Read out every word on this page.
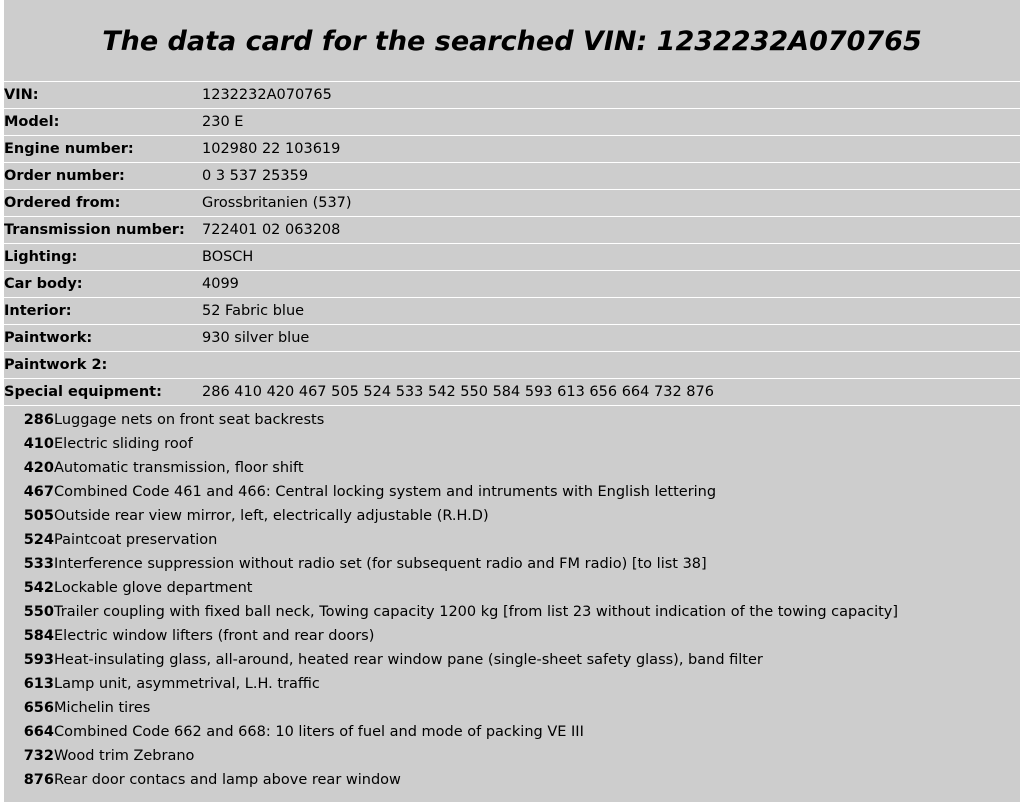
The data card for the searched VIN: 1232232A070765
VIN:	1232232A070765
Model:	230 E
Engine number:	102980 22 103619
Order number:	0 3 537 25359
Ordered from:	Grossbritanien (537)
Transmission number:	722401 02 063208
Lighting:	BOSCH
Car body:	4099
Interior:	52 Fabric blue
Paintwork:	930 silver blue
Paintwork 2:	
Special equipment:	286 410 420 467 505 524 533 542 550 584 593 613 656 664 732 876
286	Luggage nets on front seat backrests
410	Electric sliding roof
420	Automatic transmission, floor shift
467	Combined Code 461 and 466: Central locking system and intruments with English lettering
505	Outside rear view mirror, left, electrically adjustable (R.H.D)
524	Paintcoat preservation
533	Interference suppression without radio set (for subsequent radio and FM radio) [to list 38]
542	Lockable glove department
550	Trailer coupling with fixed ball neck, Towing capacity 1200 kg [from list 23 without indication of the towing capacity]
584	Electric window lifters (front and rear doors)
593	Heat-insulating glass, all-around, heated rear window pane (single-sheet safety glass), band filter
613	Lamp unit, asymmetrival, L.H. traffic
656	Michelin tires
664	Combined Code 662 and 668: 10 liters of fuel and mode of packing VE III
732	Wood trim Zebrano
876	Rear door contacs and lamp above rear window
